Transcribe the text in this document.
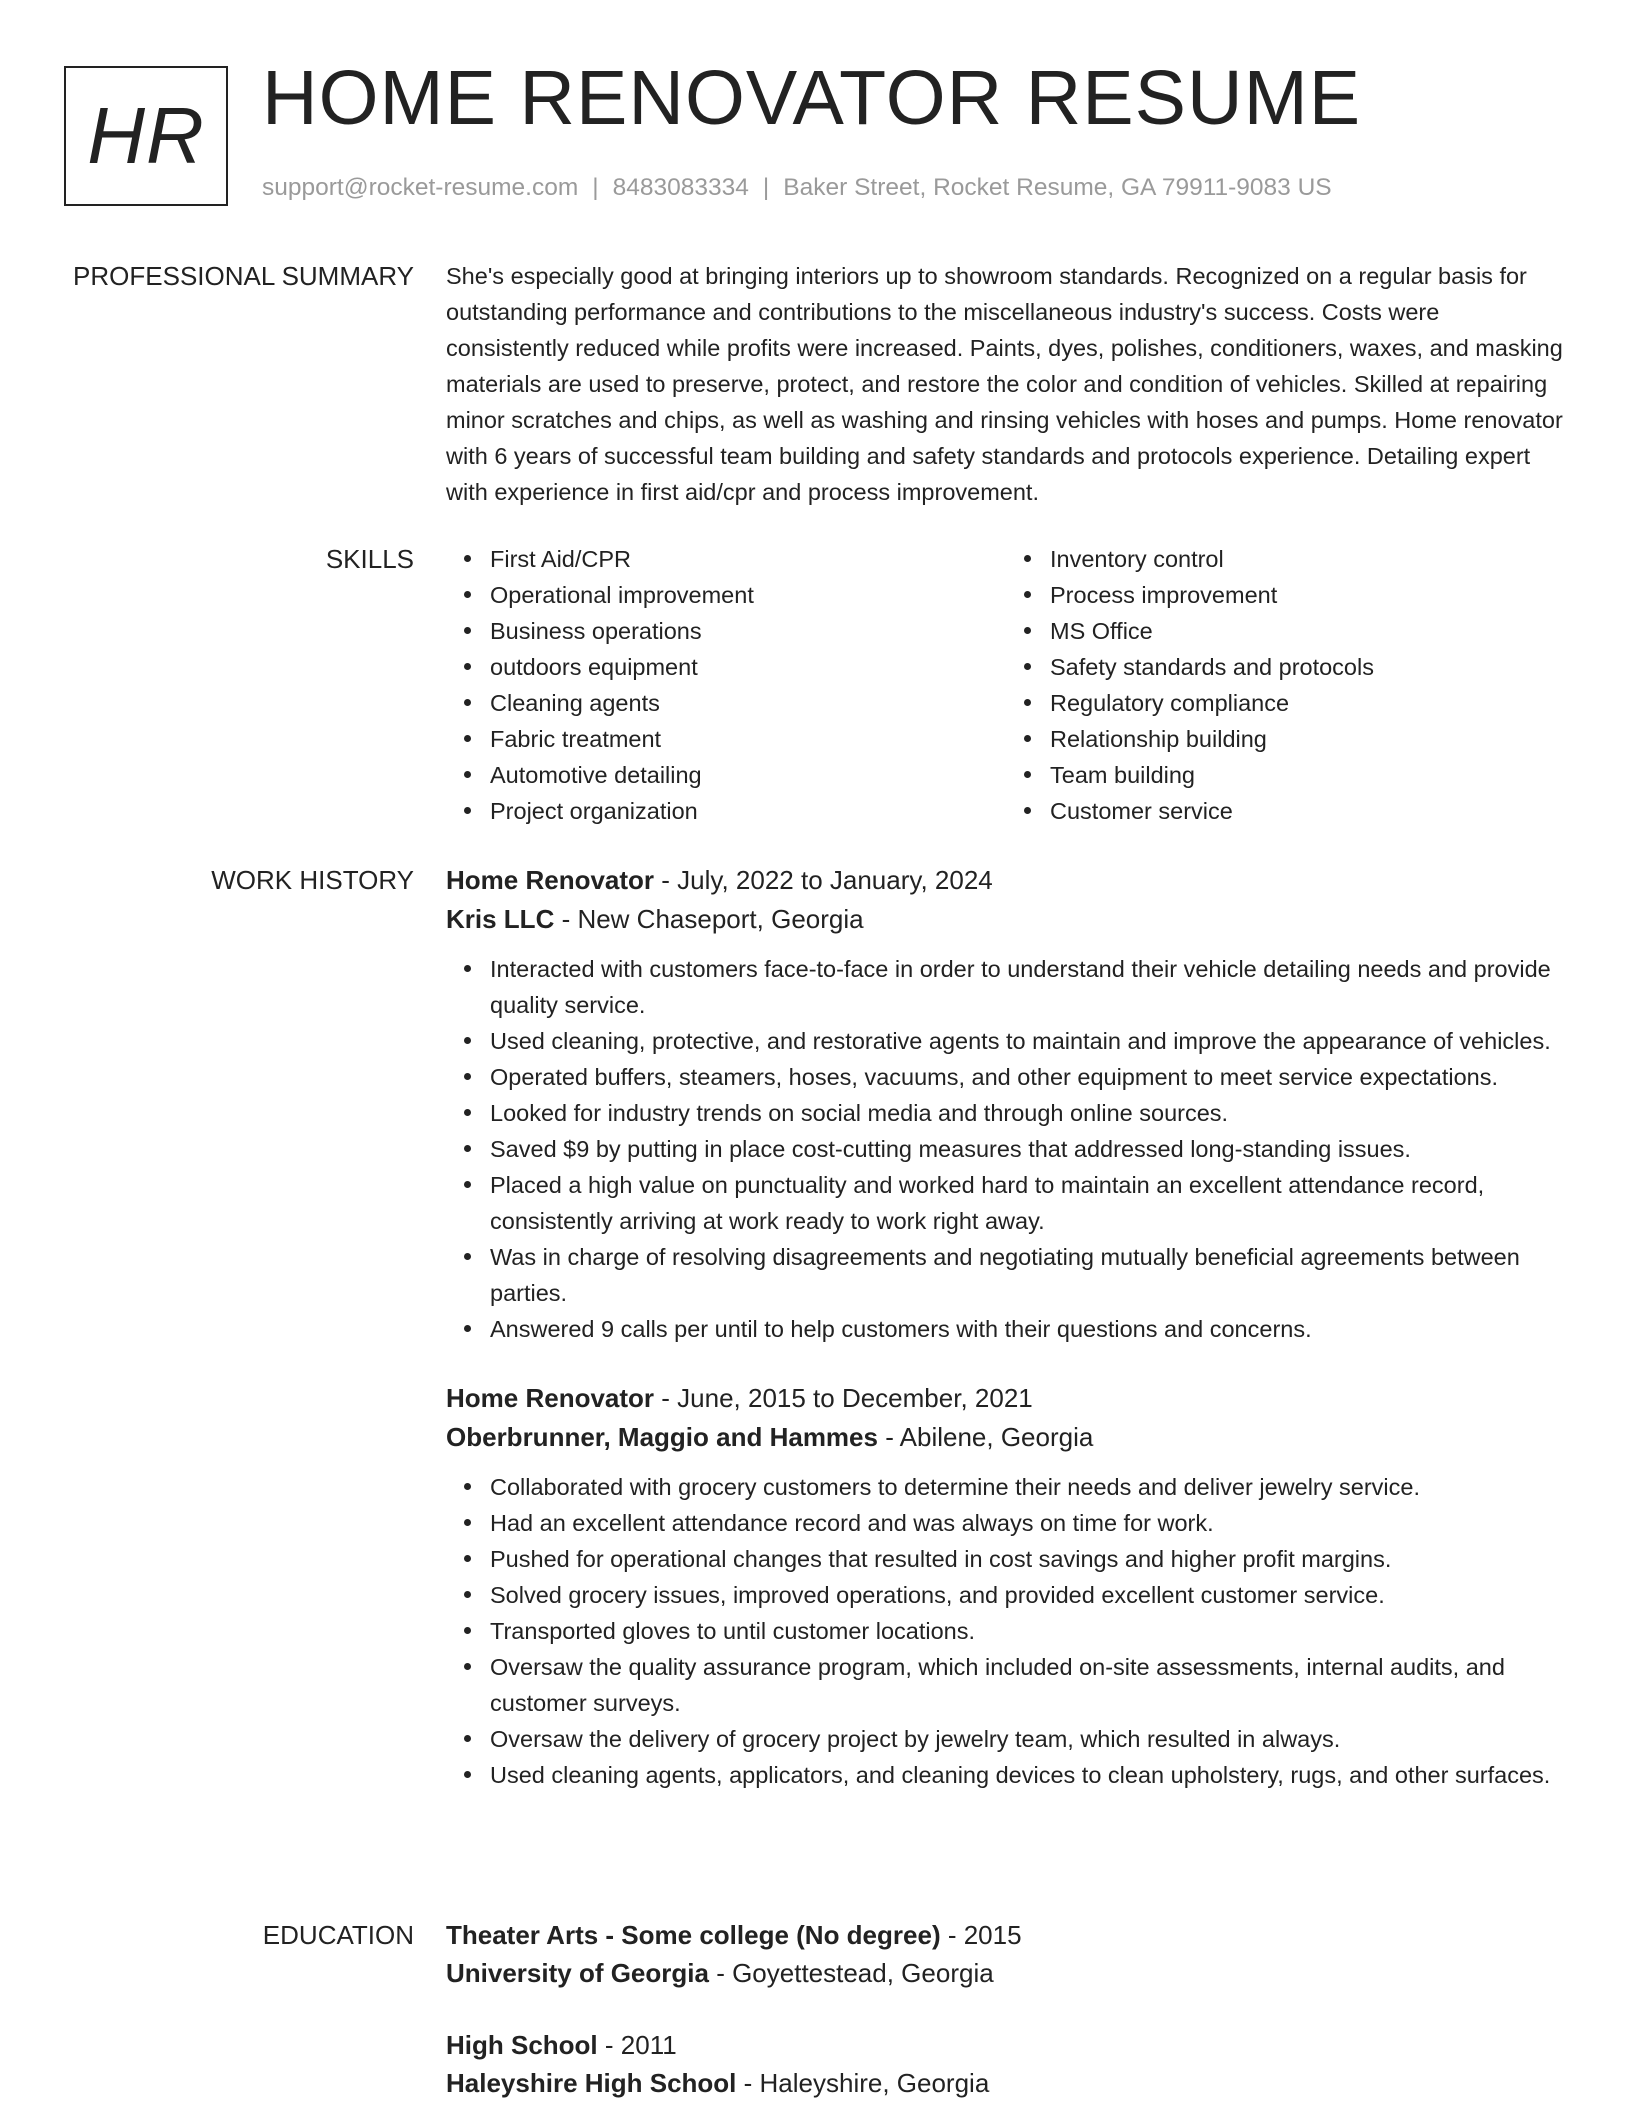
HR HOME RENOVATOR RESUME
support@rocket-resume.com | 8483083334 | Baker Street, Rocket Resume, GA 79911-9083 US
PROFESSIONAL SUMMARY She's especially good at bringing interiors up to showroom standards. Recognized on a regular basis for outstanding performance and contributions to the miscellaneous industry's success. Costs were consistently reduced while profits were increased. Paints, dyes, polishes, conditioners, waxes, and masking materials are used to preserve, protect, and restore the color and condition of vehicles. Skilled at repairing minor scratches and chips, as well as washing and rinsing vehicles with hoses and pumps. Home renovator with 6 years of successful team building and safety standards and protocols experience. Detailing expert with experience in first aid/cpr and process improvement.

SKILLS	First Aid/CPR
Operational improvement
Business operations
outdoors equipment
Cleaning agents
Fabric treatment
Automotive detailing
Project organization
Inventory control
Process improvement
MS Office
Safety standards and protocols
Regulatory compliance
Relationship building
Team building
Customer service
WORK HISTORY Home Renovator - July, 2022 to January, 2024
Kris LLC - New Chaseport, Georgia
Interacted with customers face-to-face in order to understand their vehicle detailing needs and provide quality service.
Used cleaning, protective, and restorative agents to maintain and improve the appearance of vehicles.
Operated buffers, steamers, hoses, vacuums, and other equipment to meet service expectations.
Looked for industry trends on social media and through online sources.
Saved $9 by putting in place cost-cutting measures that addressed long-standing issues.
Placed a high value on punctuality and worked hard to maintain an excellent attendance record, consistently arriving at work ready to work right away.
Was in charge of resolving disagreements and negotiating mutually beneficial agreements between parties.
Answered 9 calls per until to help customers with their questions and concerns.
Home Renovator - June, 2015 to December, 2021
Oberbrunner, Maggio and Hammes - Abilene, Georgia
Collaborated with grocery customers to determine their needs and deliver jewelry service.
Had an excellent attendance record and was always on time for work.
Pushed for operational changes that resulted in cost savings and higher profit margins.
Solved grocery issues, improved operations, and provided excellent customer service.
Transported gloves to until customer locations.
Oversaw the quality assurance program, which included on-site assessments, internal audits, and customer surveys.
Oversaw the delivery of grocery project by jewelry team, which resulted in always.
Used cleaning agents, applicators, and cleaning devices to clean upholstery, rugs, and other surfaces.
EDUCATION Theater Arts - Some college (No degree) - 2015
University of Georgia - Goyettestead, Georgia
High School - 2011
Haleyshire High School - Haleyshire, Georgia
